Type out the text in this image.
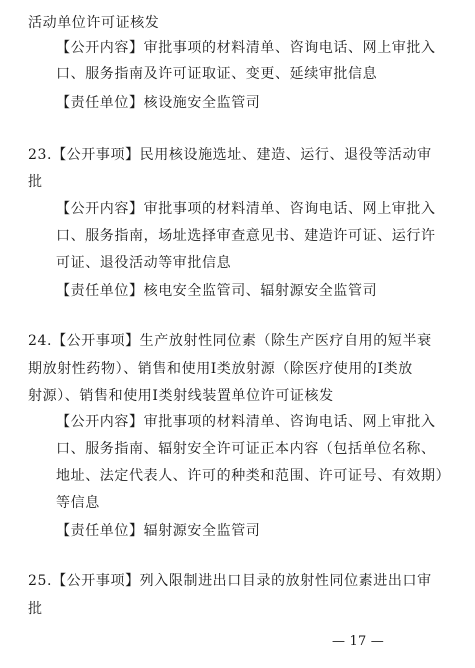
活动单位许可证核发
【公开内容】审批事项的材料清单、咨询电话、网上审批入
口、服务指南及许可证取证、变更、延续审批信息
【责任单位】核设施安全监管司
23.【公开事项】民用核设施选址、建造、运行、退役等活动审
批
【公开内容】审批事项的材料清单、咨询电话、网上审批入
口、服务指南，场址选择审查意见书、建造许可证、运行许
可证、退役活动等审批信息
【责任单位】核电安全监管司、辐射源安全监管司
24.【公开事项】生产放射性同位素（除生产医疗自用的短半衰
期放射性药物）、销售和使用Ⅰ类放射源（除医疗使用的Ⅰ类放
射源）、销售和使用Ⅰ类射线装置单位许可证核发
【公开内容】审批事项的材料清单、咨询电话、网上审批入
口、服务指南、辐射安全许可证正本内容（包括单位名称、
地址、法定代表人、许可的种类和范围、许可证号、有效期）
等信息
【责任单位】辐射源安全监管司
25.【公开事项】列入限制进出口目录的放射性同位素进出口审
批
— 17 —
